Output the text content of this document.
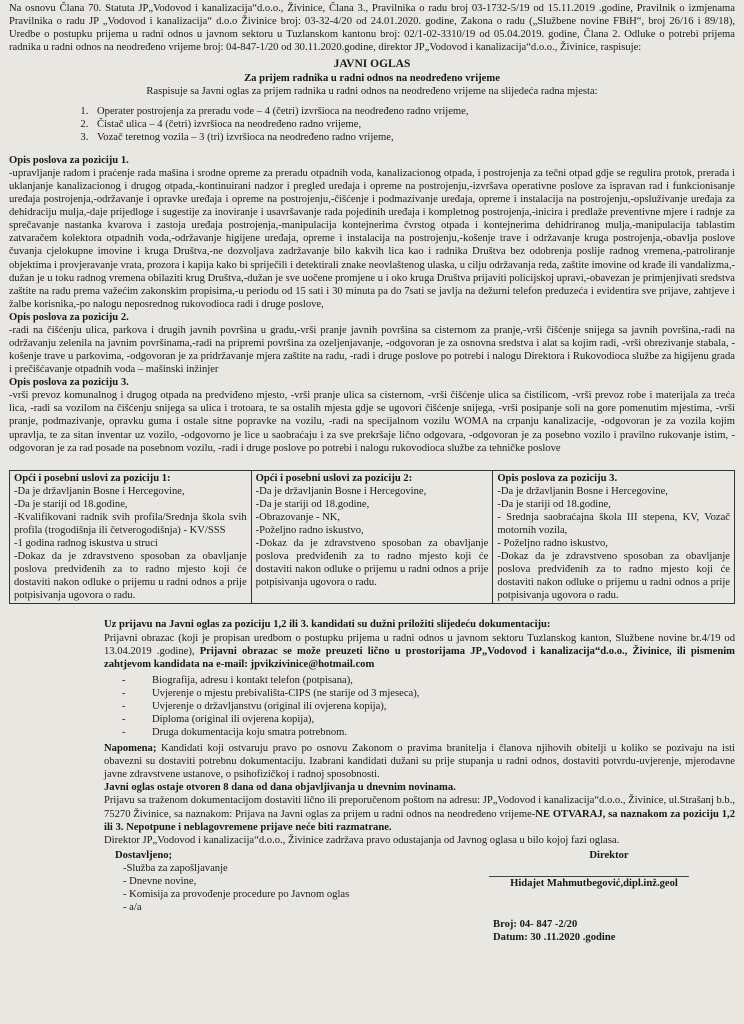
Na osnovu Člana 70. Statuta JP„Vodovod i kanalizacija“d.o.o., Živinice, Člana 3., Pravilnika o radu broj 03-1732-5/19 od 15.11.2019 .godine, Pravilnik o izmjenama Pravilnika o radu JP „Vodovod i kanalizacija“ d.o.o Živinice broj: 03-32-4/20 od 24.01.2020. godine, Zakona o radu („Službene novine FBiH“, broj 26/16 i 89/18), Uredbe o postupku prijema u radni odnos u javnom sektoru u Tuzlanskom kantonu broj: 02/1-02-3310/19 od 05.04.2019. godine, Člana 2. Odluke o potrebi prijema radnika u radni odnos na neodređeno vrijeme broj: 04-847-1/20 od 30.11.2020.godine, direktor JP„Vodovod i kanalizacija“d.o.o., Živinice, raspisuje:
JAVNI OGLAS
Za prijem radnika u radni odnos na neodređeno vrijeme
Raspisuje sa Javni oglas za prijem radnika u radni odnos na neodređeno vrijeme na slijedeća radna mjesta:
1. Operater postrojenja za preradu vode – 4 (četri) izvršioca na neodređeno radno vrijeme,
2. Čistač ulica – 4 (četri) izvršioca na neodređeno radno vrijeme,
3. Vozač teretnog vozila – 3 (tri) izvršioca na neodređeno radno vrijeme,
Opis poslova za poziciju 1.
-upravljanje radom i praćenje rada mašina i srodne opreme za preradu otpadnih voda, kanalizacionog otpada, i postrojenja za tečni otpad gdje se regulira protok, prerada i uklanjanje kanalizacionog i drugog otpada,-kontinuirani nadzor i pregled uređaja i opreme na postrojenju,-izvršava operativne poslove za ispravan rad i funkcionisanje uređaja postrojenja,-održavanje i opravke uređaja i opreme na postrojenju,-čišćenje i podmazivanje uređaja, opreme i instalacija na postrojenju,-opsluživanje uređaja za dehidraciju mulja,-daje prijedloge i sugestije za inoviranje i usavršavanje rada pojedinih uređaja i kompletnog postrojenja,-inicira i predlaže preventivne mjere i radnje za sprečavanje nastanka kvarova i zastoja uređaja postrojenja,-manipulacija kontejnerima čvrstog otpada i kontejnerima dehidriranog mulja,-manipulacija tablastim zatvaračem kolektora otpadnih voda,-održavanje higijene uređaja, opreme i instalacija na postrojenju,-košenje trave i održavanje kruga postrojenja,-obavlja poslove čuvanja cjelokupne imovine i kruga Društva,-ne dozvoljava zadržavanje bilo kakvih lica kao i radnika Društva bez odobrenja poslije radnog vremena,-patroliranje objektima i provjeravanje vrata, prozora i kapija kako bi spriječili i detektirali znake neovlaštenog ulaska, u cilju održavanja reda, zaštite imovine od krađe ili vandalizma,-dužan je u toku radnog vremena obilaziti krug Društva,-dužan je sve uočene promjene u i oko kruga Društva prijaviti policijskoj upravi,-obavezan je primjenjivati sredstva zaštite na radu prema važećim zakonskim propisima,-u periodu od 15 sati i 30 minuta pa do 7sati se javlja na dežurni telefon preduzeća i evidentira sve prijave, zahtjeve i žalbe korisnika,-po nalogu neposrednog rukovodioca radi i druge poslove,
Opis poslova za poziciju 2.
-radi na čišćenju ulica, parkova i drugih javnih površina u gradu,-vrši pranje javnih površina sa cisternom za pranje,-vrši čišćenje snijega sa javnih površina,-radi na održavanju zelenila na javnim površinama,-radi na pripremi površina za ozeljenjavanje, -odgovoran je za osnovna sredstva i alat sa kojim radi, -vrši obrezivanje stabala, -košenje trave u parkovima, -odgovoran je za pridržavanje mjera zaštite na radu, -radi i druge poslove po potrebi i nalogu Direktora i Rukovodioca službe za higijenu grada i prečišćavanje otpadnih voda – mašinski inžinjer
Opis poslova za poziciju 3.
-vrši prevoz komunalnog i drugog otpada na predviđeno mjesto, -vrši pranje ulica sa cisternom, -vrši čišćenje ulica sa čistilicom, -vrši prevoz robe i materijala za treća lica, -radi sa vozilom na čišćenju snijega sa ulica i trotoara, te sa ostalih mjesta gdje se ugovori čišćenje snijega, -vrši posipanje soli na gore pomenutim mjestima, -vrši pranje, podmazivanje, opravku guma i ostale sitne popravke na vozilu, -radi na specijalnom vozilu WOMA na crpanju kanalizacije, -odgovoran je za vozila kojim upravlja, te za sitan inventar uz vozilo, -odgovorno je lice u saobraćaju i za sve prekršaje lično odgovara, -odgovoran je za posebno vozilo i pravilno rukovanje istim, -odgovoran je za rad posade na posebnom vozilu, -radi i druge poslove po potrebi i nalogu rukovodioca službe za tehničke poslove
Opći i posebni uslovi za poziciju 1:
-Da je državljanin Bosne i Hercegovine,
-Da je stariji od 18.godine,
-Kvalifikovani radnik svih profila/Srednja škola svih profila (trogodišnja ili četverogodišnja) - KV/SSS
-1 godina radnog iskustva u struci
-Dokaz da je zdravstveno sposoban za obavljanje poslova predviđenih za to radno mjesto koji će dostaviti nakon odluke o prijemu u radni odnos a prije potpisivanja ugovora o radu.

Opći i posebni uslovi za poziciju 2:
-Da je državljanin Bosne i Hercegovine,
-Da je stariji od 18.godine,
-Obrazovanje - NK,
-Poželjno radno iskustvo,
-Dokaz da je zdravstveno sposoban za obavljanje poslova predviđenih za to radno mjesto koji će dostaviti nakon odluke o prijemu u radni odnos a prije potpisivanja ugovora o radu.

Opis poslova za poziciju 3.
-Da je državljanin Bosne i Hercegovine,
-Da je stariji od 18.godine,
- Srednja saobraćajna škola III stepena, KV, Vozač motornih vozila,
- Poželjno radno iskustvo,
-Dokaz da je zdravstveno sposoban za obavljanje poslova predviđenih za to radno mjesto koji će dostaviti nakon odluke o prijemu u radni odnos a prije potpisivanja ugovora o radu.
Uz prijavu na Javni oglas za poziciju 1,2 ili 3. kandidati su dužni priložiti slijedeću dokumentaciju:
Prijavni obrazac (koji je propisan uredbom o postupku prijema u radni odnos u javnom sektoru Tuzlanskog kanton, Službene novine br.4/19 od 13.04.2019 .godine), Prijavni obrazac se može preuzeti lično u prostorijama JP„Vodovod i kanalizacija“d.o.o., Živinice, ili pismenim zahtjevom kandidata na e-mail: jpvikzivinice@hotmail.com
- Biografija, adresu i kontakt telefon (potpisana),
- Uvjerenje o mjestu prebivališta-CIPS (ne starije od 3 mjeseca),
- Uvjerenje o državljanstvu (original ili ovjerena kopija),
- Diploma (original ili ovjerena kopija),
- Druga dokumentacija koju smatra potrebnom.
Napomena; Kandidati koji ostvaruju pravo po osnovu Zakonom o pravima branitelja i članova njihovih obitelji u koliko se pozivaju na isti obavezni su dostaviti potrebnu dokumentaciju. Izabrani kandidati dužani su prije stupanja u radni odnos, dostaviti potvrdu-uvjerenje, mjerodavne javne zdravstvene ustanove, o psihofizičkoj i radnoj sposobnosti.
Javni oglas ostaje otvoren 8 dana od dana objavljivanja u dnevnim novinama.
Prijavu sa traženom dokumentacijom dostaviti lično ili preporučenom poštom na adresu: JP„Vodovod i kanalizacija“d.o.o., Živinice, ul.Strašanj b.b., 75270 Živinice, sa naznakom: Prijava na Javni oglas za prijem u radni odnos na neodređeno vrijeme-NE OTVARAJ, sa naznakom za poziciju 1,2 ili 3. Nepotpune i neblagovremene prijave neće biti razmatrane.
Direktor JP„Vodovod i kanalizacija“d.o.o., Živinice zadržava pravo odustajanja od Javnog oglasa u bilo kojoj fazi oglasa.
Dostavljeno;
-Služba za zapošljavanje
- Dnevne novine,
- Komisija za provođenje procedure po Javnom oglas
- a/a
Direktor
Hidajet Mahmutbegović,dipl.inž.geol
Broj: 04- 847 -2/20
Datum: 30 .11.2020 .godine
